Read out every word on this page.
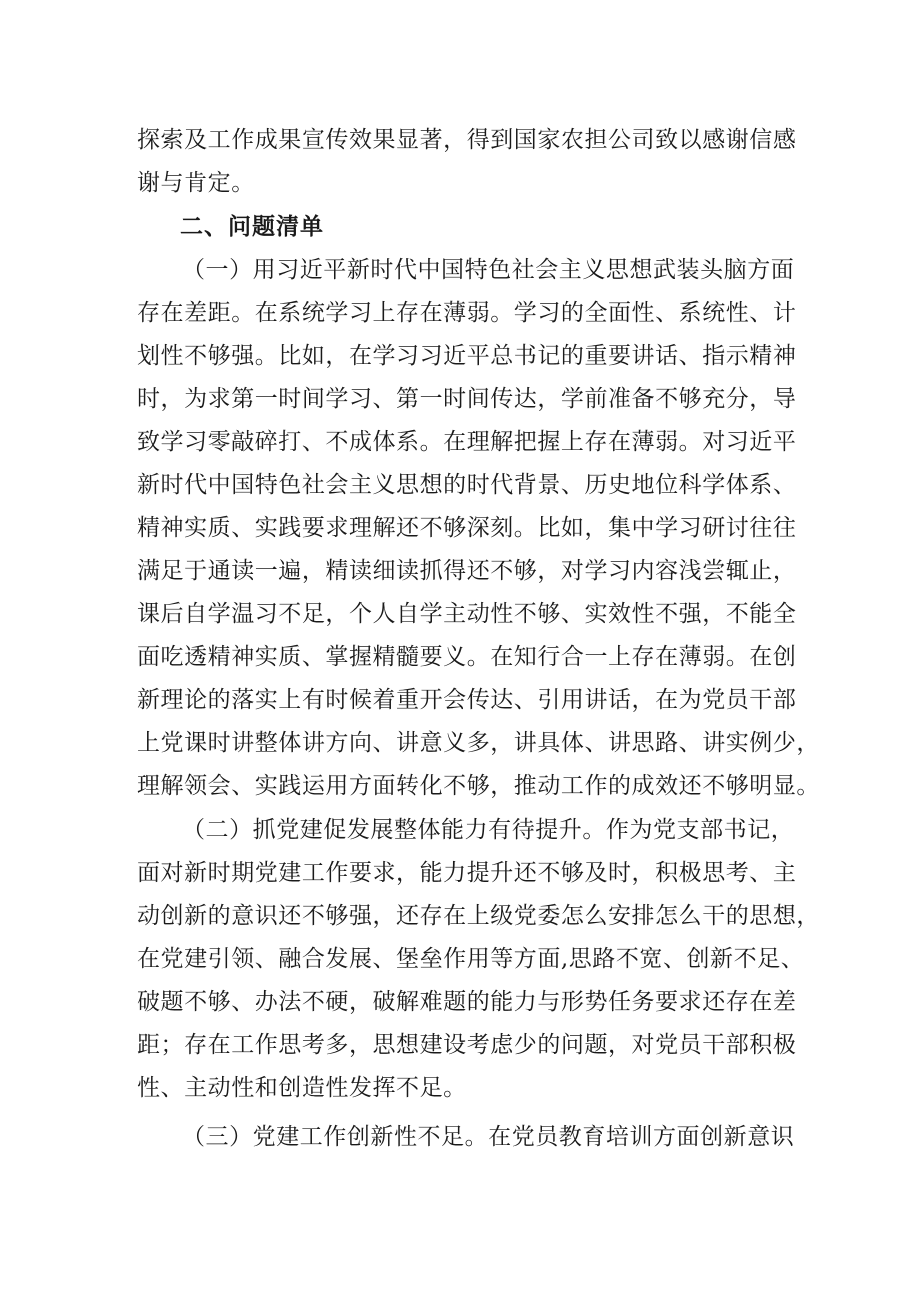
探索及工作成果宣传效果显著，得到国家农担公司致以感谢信感
谢与肯定。
二、问题清单
（一）用习近平新时代中国特色社会主义思想武装头脑方面
存在差距。在系统学习上存在薄弱。学习的全面性、系统性、计
划性不够强。比如，在学习习近平总书记的重要讲话、指示精神
时，为求第一时间学习、第一时间传达，学前准备不够充分，导
致学习零敲碎打、不成体系。在理解把握上存在薄弱。对习近平
新时代中国特色社会主义思想的时代背景、历史地位科学体系、
精神实质、实践要求理解还不够深刻。比如，集中学习研讨往往
满足于通读一遍，精读细读抓得还不够，对学习内容浅尝辄止，
课后自学温习不足，个人自学主动性不够、实效性不强，不能全
面吃透精神实质、掌握精髓要义。在知行合一上存在薄弱。在创
新理论的落实上有时候着重开会传达、引用讲话，在为党员干部
上党课时讲整体讲方向、讲意义多，讲具体、讲思路、讲实例少，
理解领会、实践运用方面转化不够，推动工作的成效还不够明显。
（二）抓党建促发展整体能力有待提升。作为党支部书记，
面对新时期党建工作要求，能力提升还不够及时，积极思考、主
动创新的意识还不够强，还存在上级党委怎么安排怎么干的思想，
在党建引领、融合发展、堡垒作用等方面,思路不宽、创新不足、
破题不够、办法不硬，破解难题的能力与形势任务要求还存在差
距；存在工作思考多，思想建设考虑少的问题，对党员干部积极
性、主动性和创造性发挥不足。
（三）党建工作创新性不足。在党员教育培训方面创新意识
